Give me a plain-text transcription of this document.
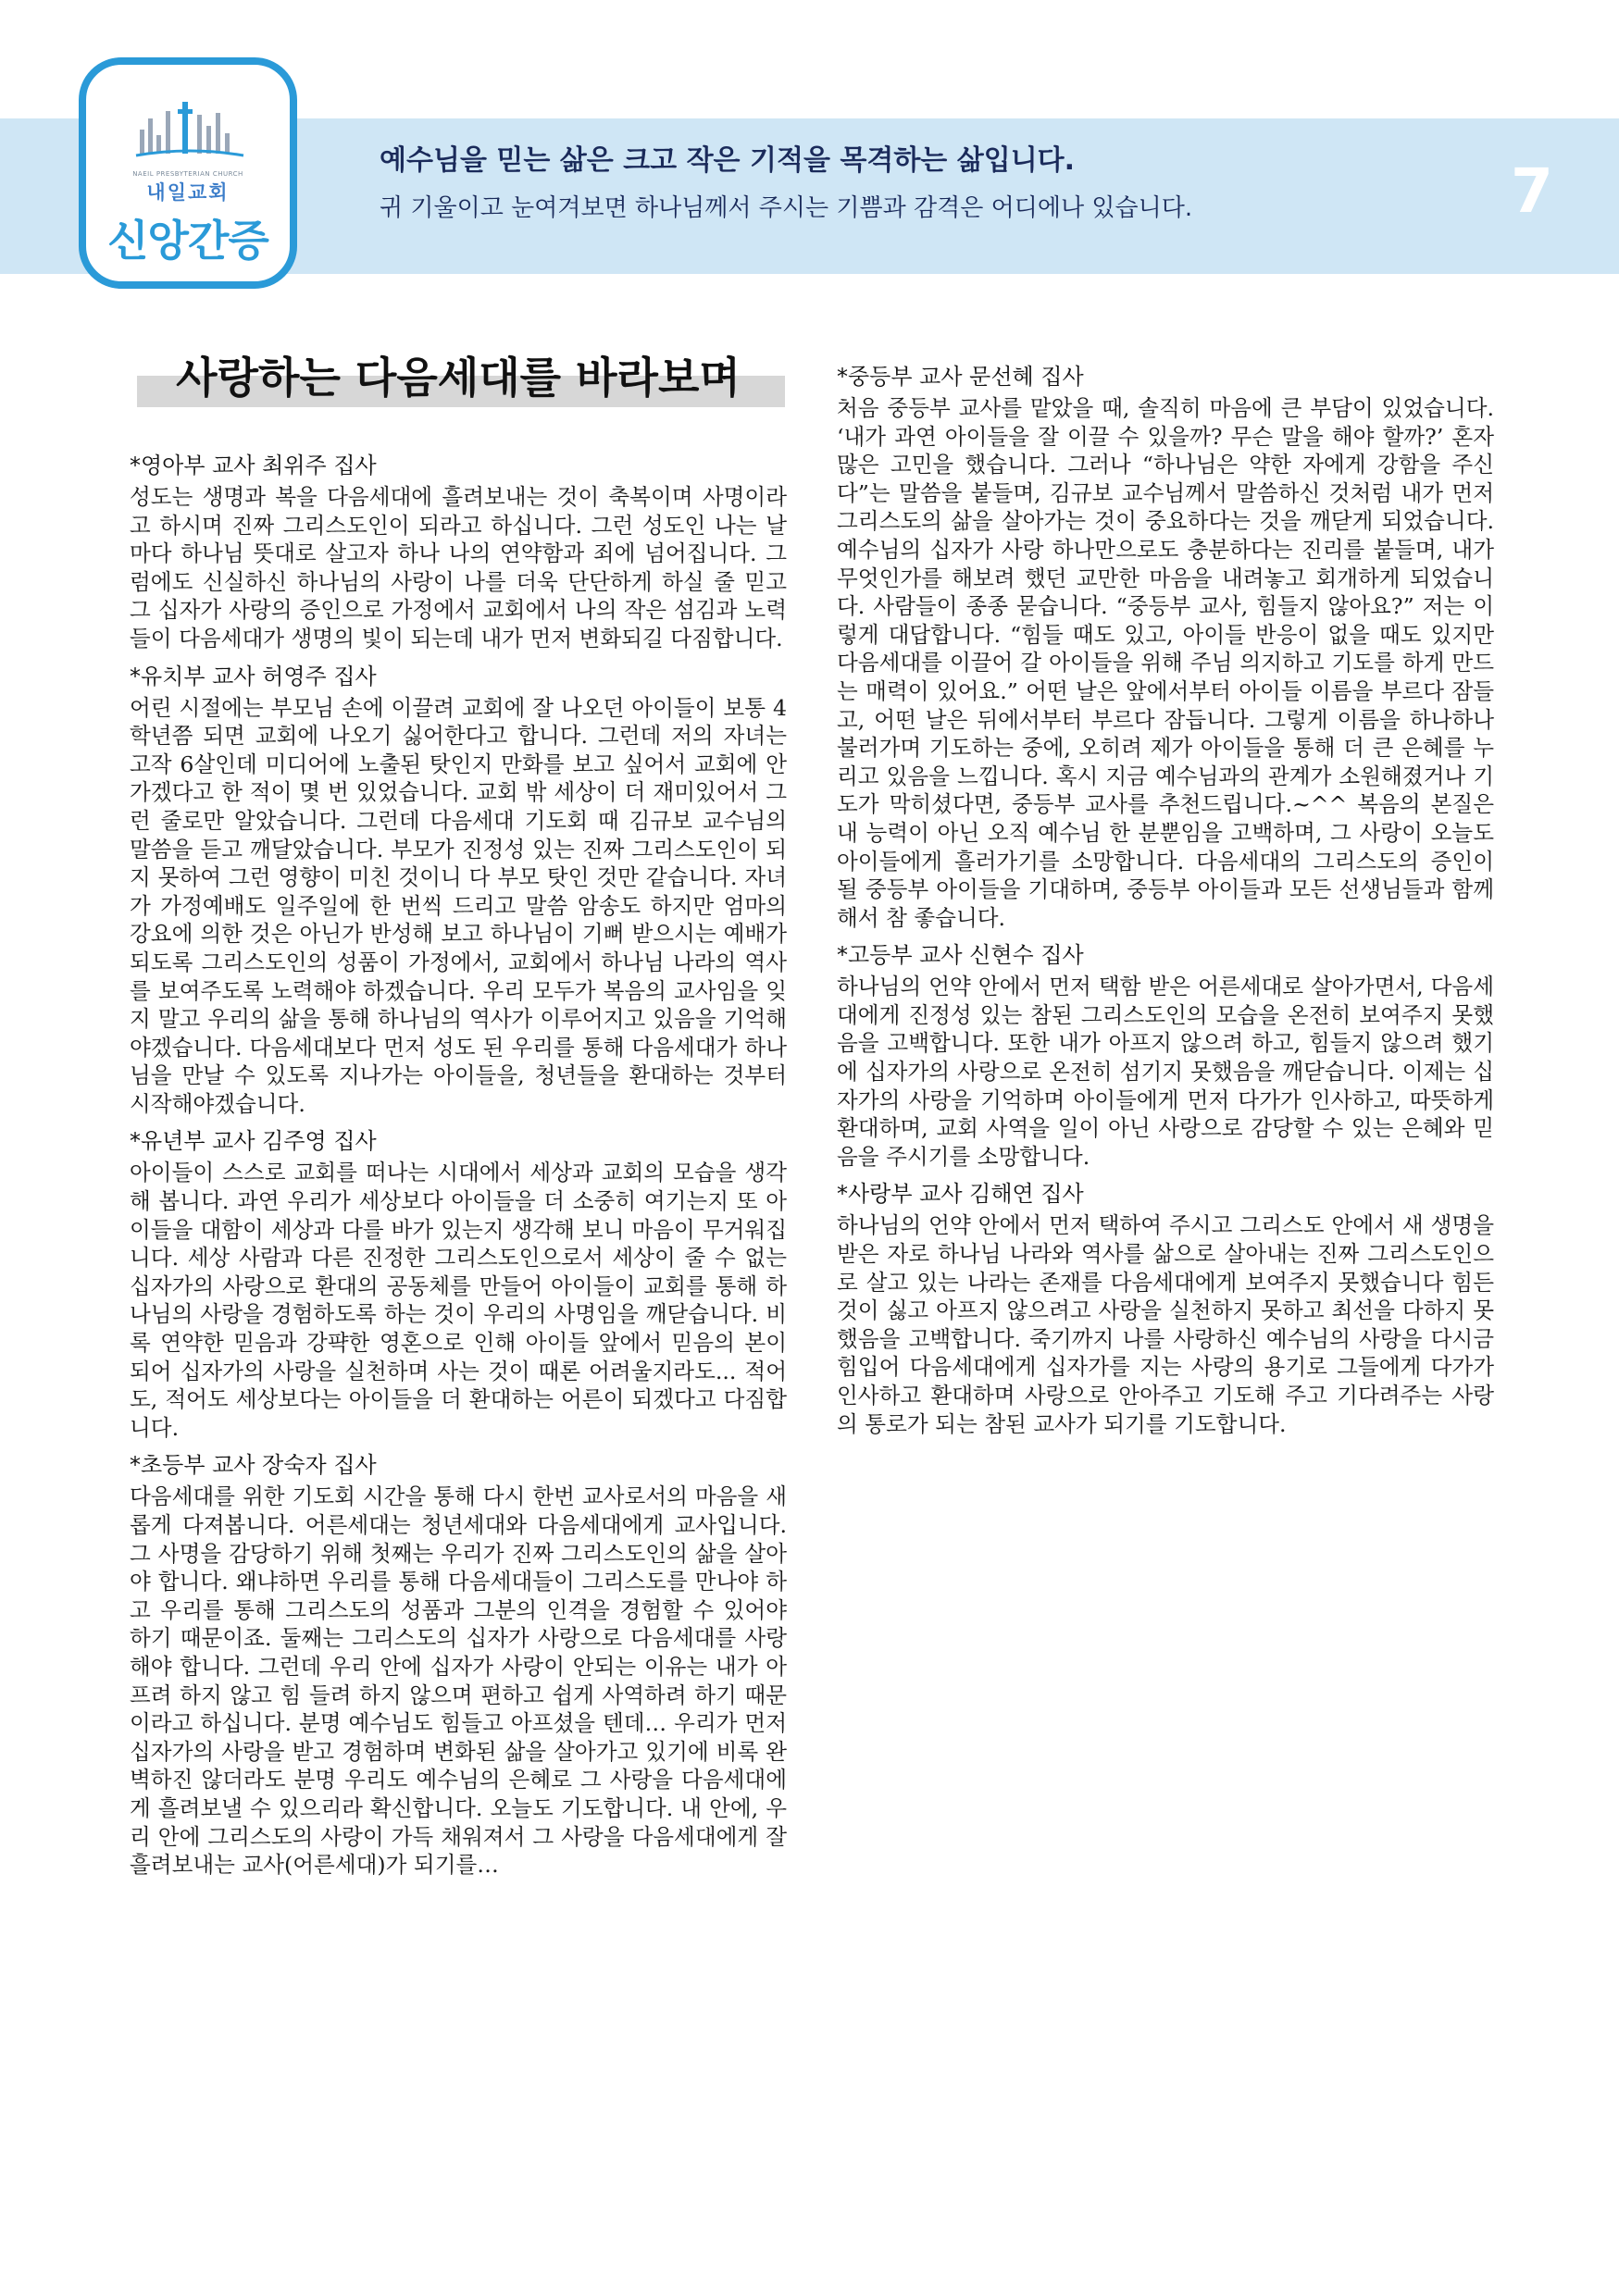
NAEIL PRESBYTERIAN CHURCH
내일교회
신앙간증
예수님을 믿는 삶은 크고 작은 기적을 목격하는 삶입니다.
귀 기울이고 눈여겨보면 하나님께서 주시는 기쁨과 감격은 어디에나 있습니다.	7
사랑하는 다음세대를 바라보며
*영아부 교사 최위주 집사

성도는 생명과 복을 다음세대에 흘려보내는 것이 축복이며 사명이라고 하시며 진짜 그리스도인이 되라고 하십니다. 그런 성도인 나는 날마다 하나님 뜻대로 살고자 하나 나의 연약함과 죄에 넘어집니다. 그럼에도 신실하신 하나님의 사랑이 나를 더욱 단단하게 하실 줄 믿고 그 십자가 사랑의 증인으로 가정에서 교회에서 나의 작은 섬김과 노력들이 다음세대가 생명의 빛이 되는데 내가 먼저 변화되길 다짐합니다.

*유치부 교사 허영주 집사

어린 시절에는 부모님 손에 이끌려 교회에 잘 나오던 아이들이 보통 4학년쯤 되면 교회에 나오기 싫어한다고 합니다. 그런데 저의 자녀는 고작 6살인데 미디어에 노출된 탓인지 만화를 보고 싶어서 교회에 안 가겠다고 한 적이 몇 번 있었습니다. 교회 밖 세상이 더 재미있어서 그런 줄로만 알았습니다. 그런데 다음세대 기도회 때 김규보 교수님의 말씀을 듣고 깨달았습니다. 부모가 진정성 있는 진짜 그리스도인이 되지 못하여 그런 영향이 미친 것이니 다 부모 탓인 것만 같습니다. 자녀가 가정예배도 일주일에 한 번씩 드리고 말씀 암송도 하지만 엄마의 강요에 의한 것은 아닌가 반성해 보고 하나님이 기뻐 받으시는 예배가 되도록 그리스도인의 성품이 가정에서, 교회에서 하나님 나라의 역사를 보여주도록 노력해야 하겠습니다. 우리 모두가 복음의 교사임을 잊지 말고 우리의 삶을 통해 하나님의 역사가 이루어지고 있음을 기억해야겠습니다. 다음세대보다 먼저 성도 된 우리를 통해 다음세대가 하나님을 만날 수 있도록 지나가는 아이들을, 청년들을 환대하는 것부터 시작해야겠습니다.

*유년부 교사 김주영 집사

아이들이 스스로 교회를 떠나는 시대에서 세상과 교회의 모습을 생각해 봅니다. 과연 우리가 세상보다 아이들을 더 소중히 여기는지 또 아이들을 대함이 세상과 다를 바가 있는지 생각해 보니 마음이 무거워집니다. 세상 사람과 다른 진정한 그리스도인으로서 세상이 줄 수 없는 십자가의 사랑으로 환대의 공동체를 만들어 아이들이 교회를 통해 하나님의 사랑을 경험하도록 하는 것이 우리의 사명임을 깨닫습니다. 비록 연약한 믿음과 강퍅한 영혼으로 인해 아이들 앞에서 믿음의 본이 되어 십자가의 사랑을 실천하며 사는 것이 때론 어려울지라도... 적어도, 적어도 세상보다는 아이들을 더 환대하는 어른이 되겠다고 다짐합니다.

*초등부 교사 장숙자 집사

다음세대를 위한 기도회 시간을 통해 다시 한번 교사로서의 마음을 새롭게 다져봅니다. 어른세대는 청년세대와 다음세대에게 교사입니다. 그 사명을 감당하기 위해 첫째는 우리가 진짜 그리스도인의 삶을 살아야 합니다. 왜냐하면 우리를 통해 다음세대들이 그리스도를 만나야 하고 우리를 통해 그리스도의 성품과 그분의 인격을 경험할 수 있어야 하기 때문이죠. 둘째는 그리스도의 십자가 사랑으로 다음세대를 사랑해야 합니다. 그런데 우리 안에 십자가 사랑이 안되는 이유는 내가 아프려 하지 않고 힘 들려 하지 않으며 편하고 쉽게 사역하려 하기 때문이라고 하십니다. 분명 예수님도 힘들고 아프셨을 텐데… 우리가 먼저 십자가의 사랑을 받고 경험하며 변화된 삶을 살아가고 있기에 비록 완벽하진 않더라도 분명 우리도 예수님의 은혜로 그 사랑을 다음세대에게 흘려보낼 수 있으리라 확신합니다. 오늘도 기도합니다. 내 안에, 우리 안에 그리스도의 사랑이 가득 채워져서 그 사랑을 다음세대에게 잘 흘려보내는 교사(어른세대)가 되기를…

*중등부 교사 문선혜 집사

처음 중등부 교사를 맡았을 때, 솔직히 마음에 큰 부담이 있었습니다. ‘내가 과연 아이들을 잘 이끌 수 있을까? 무슨 말을 해야 할까?’ 혼자 많은 고민을 했습니다. 그러나 “하나님은 약한 자에게 강함을 주신다”는 말씀을 붙들며, 김규보 교수님께서 말씀하신 것처럼 내가 먼저 그리스도의 삶을 살아가는 것이 중요하다는 것을 깨닫게 되었습니다. 예수님의 십자가 사랑 하나만으로도 충분하다는 진리를 붙들며, 내가 무엇인가를 해보려 했던 교만한 마음을 내려놓고 회개하게 되었습니다. 사람들이 종종 묻습니다. “중등부 교사, 힘들지 않아요?” 저는 이렇게 대답합니다. “힘들 때도 있고, 아이들 반응이 없을 때도 있지만 다음세대를 이끌어 갈 아이들을 위해 주님 의지하고 기도를 하게 만드는 매력이 있어요.” 어떤 날은 앞에서부터 아이들 이름을 부르다 잠들고, 어떤 날은 뒤에서부터 부르다 잠듭니다. 그렇게 이름을 하나하나 불러가며 기도하는 중에, 오히려 제가 아이들을 통해 더 큰 은혜를 누리고 있음을 느낍니다. 혹시 지금 예수님과의 관계가 소원해졌거나 기도가 막히셨다면, 중등부 교사를 추천드립니다.~^^ 복음의 본질은 내 능력이 아닌 오직 예수님 한 분뿐임을 고백하며, 그 사랑이 오늘도 아이들에게 흘러가기를 소망합니다. 다음세대의 그리스도의 증인이 될 중등부 아이들을 기대하며, 중등부 아이들과 모든 선생님들과 함께 해서 참 좋습니다.

*고등부 교사 신현수 집사

하나님의 언약 안에서 먼저 택함 받은 어른세대로 살아가면서, 다음세대에게 진정성 있는 참된 그리스도인의 모습을 온전히 보여주지 못했음을 고백합니다. 또한 내가 아프지 않으려 하고, 힘들지 않으려 했기에 십자가의 사랑으로 온전히 섬기지 못했음을 깨닫습니다. 이제는 십자가의 사랑을 기억하며 아이들에게 먼저 다가가 인사하고, 따뜻하게 환대하며, 교회 사역을 일이 아닌 사랑으로 감당할 수 있는 은혜와 믿음을 주시기를 소망합니다.

*사랑부 교사 김해연 집사

하나님의 언약 안에서 먼저 택하여 주시고 그리스도 안에서 새 생명을 받은 자로 하나님 나라와 역사를 삶으로 살아내는 진짜 그리스도인으로 살고 있는 나라는 존재를 다음세대에게 보여주지 못했습니다 힘든 것이 싫고 아프지 않으려고 사랑을 실천하지 못하고 최선을 다하지 못했음을 고백합니다. 죽기까지 나를 사랑하신 예수님의 사랑을 다시금 힘입어 다음세대에게 십자가를 지는 사랑의 용기로 그들에게 다가가 인사하고 환대하며 사랑으로 안아주고 기도해 주고 기다려주는 사랑의 통로가 되는 참된 교사가 되기를 기도합니다.
